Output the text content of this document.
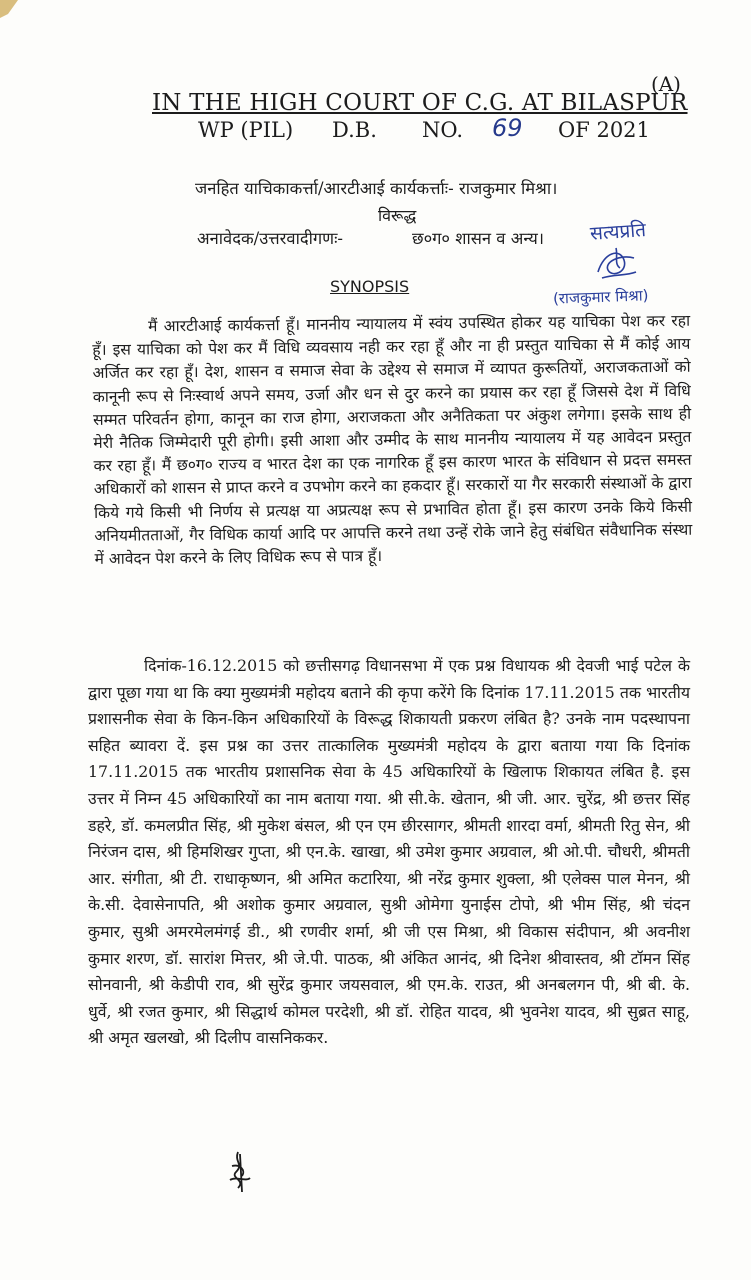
(A)
IN THE HIGH COURT OF C.G. AT BILASPUR
WP (PIL) D.B. NO. 69 OF 2021
जनहित याचिकाकर्त्ता/आरटीआई कार्यकर्त्ताः- राजकुमार मिश्रा।
विरूद्ध
अनावेदक/उत्तरवादीगणः-	छ०ग० शासन व अन्य। सत्यप्रति
(राजकुमार मिश्रा)
SYNOPSIS
मैं आरटीआई कार्यकर्त्ता हूँ। माननीय न्यायालय में स्वंय उपस्थित होकर यह याचिका पेश कर रहा हूँ। इस याचिका को पेश कर मैं विधि व्यवसाय नही कर रहा हूँ और ना ही प्रस्तुत याचिका से मैं कोई आय अर्जित कर रहा हूँ। देश, शासन व समाज सेवा के उद्देश्य से समाज में व्यापत कुरूतियों, अराजकताओं को कानूनी रूप से निःस्वार्थ अपने समय, उर्जा और धन से दुर करने का प्रयास कर रहा हूँ जिससे देश में विधि सम्मत परिवर्तन होगा, कानून का राज होगा, अराजकता और अनैतिकता पर अंकुश लगेगा। इसके साथ ही मेरी नैतिक जिम्मेदारी पूरी होगी। इसी आशा और उम्मीद के साथ माननीय न्यायालय में यह आवेदन प्रस्तुत कर रहा हूँ। मैं छ०ग० राज्य व भारत देश का एक नागरिक हूँ इस कारण भारत के संविधान से प्रदत्त समस्त अधिकारों को शासन से प्राप्त करने व उपभोग करने का हकदार हूँ। सरकारों या गैर सरकारी संस्थाओं के द्वारा किये गये किसी भी निर्णय से प्रत्यक्ष या अप्रत्यक्ष रूप से प्रभावित होता हूँ। इस कारण उनके किये किसी अनियमीतताओं, गैर विधिक कार्या आदि पर आपत्ति करने तथा उन्हें रोके जाने हेतु संबंधित संवैधानिक संस्था में आवेदन पेश करने के लिए विधिक रूप से पात्र हूँ।
दिनांक-16.12.2015 को छत्तीसगढ़ विधानसभा में एक प्रश्न विधायक श्री देवजी भाई पटेल के द्वारा पूछा गया था कि क्या मुख्यमंत्री महोदय बताने की कृपा करेंगे कि दिनांक 17.11.2015 तक भारतीय प्रशासनीक सेवा के किन-किन अधिकारियों के विरूद्ध शिकायती प्रकरण लंबित है? उनके नाम पदस्थापना सहित ब्यावरा दें. इस प्रश्न का उत्तर तात्कालिक मुख्यमंत्री महोदय के द्वारा बताया गया कि दिनांक 17.11.2015 तक भारतीय प्रशासनिक सेवा के 45 अधिकारियों के खिलाफ शिकायत लंबित है. इस उत्तर में निम्न 45 अधिकारियों का नाम बताया गया. श्री सी.के. खेतान, श्री जी. आर. चुरेंद्र, श्री छत्तर सिंह डहरे, डॉ. कमलप्रीत सिंह, श्री मुकेश बंसल, श्री एन एम छीरसागर, श्रीमती शारदा वर्मा, श्रीमती रितु सेन, श्री निरंजन दास, श्री हिमशिखर गुप्ता, श्री एन.के. खाखा, श्री उमेश कुमार अग्रवाल, श्री ओ.पी. चौधरी, श्रीमती आर. संगीता, श्री टी. राधाकृष्णन, श्री अमित कटारिया, श्री नरेंद्र कुमार शुक्ला, श्री एलेक्स पाल मेनन, श्री के.सी. देवासेनापति, श्री अशोक कुमार अग्रवाल, सुश्री ओमेगा युनाईस टोपो, श्री भीम सिंह, श्री चंदन कुमार, सुश्री अमरमेलमंगई डी., श्री रणवीर शर्मा, श्री जी एस मिश्रा, श्री विकास संदीपान, श्री अवनीश कुमार शरण, डॉ. सारांश मित्तर, श्री जे.पी. पाठक, श्री अंकित आनंद, श्री दिनेश श्रीवास्तव, श्री टॉमन सिंह सोनवानी, श्री केडीपी राव, श्री सुरेंद्र कुमार जयसवाल, श्री एम.के. राउत, श्री अनबलगन पी, श्री बी. के. धुर्वे, श्री रजत कुमार, श्री सिद्धार्थ कोमल परदेशी, श्री डॉ. रोहित यादव, श्री भुवनेश यादव, श्री सुब्रत साहू, श्री अमृत खलखो, श्री दिलीप वासनिककर.
